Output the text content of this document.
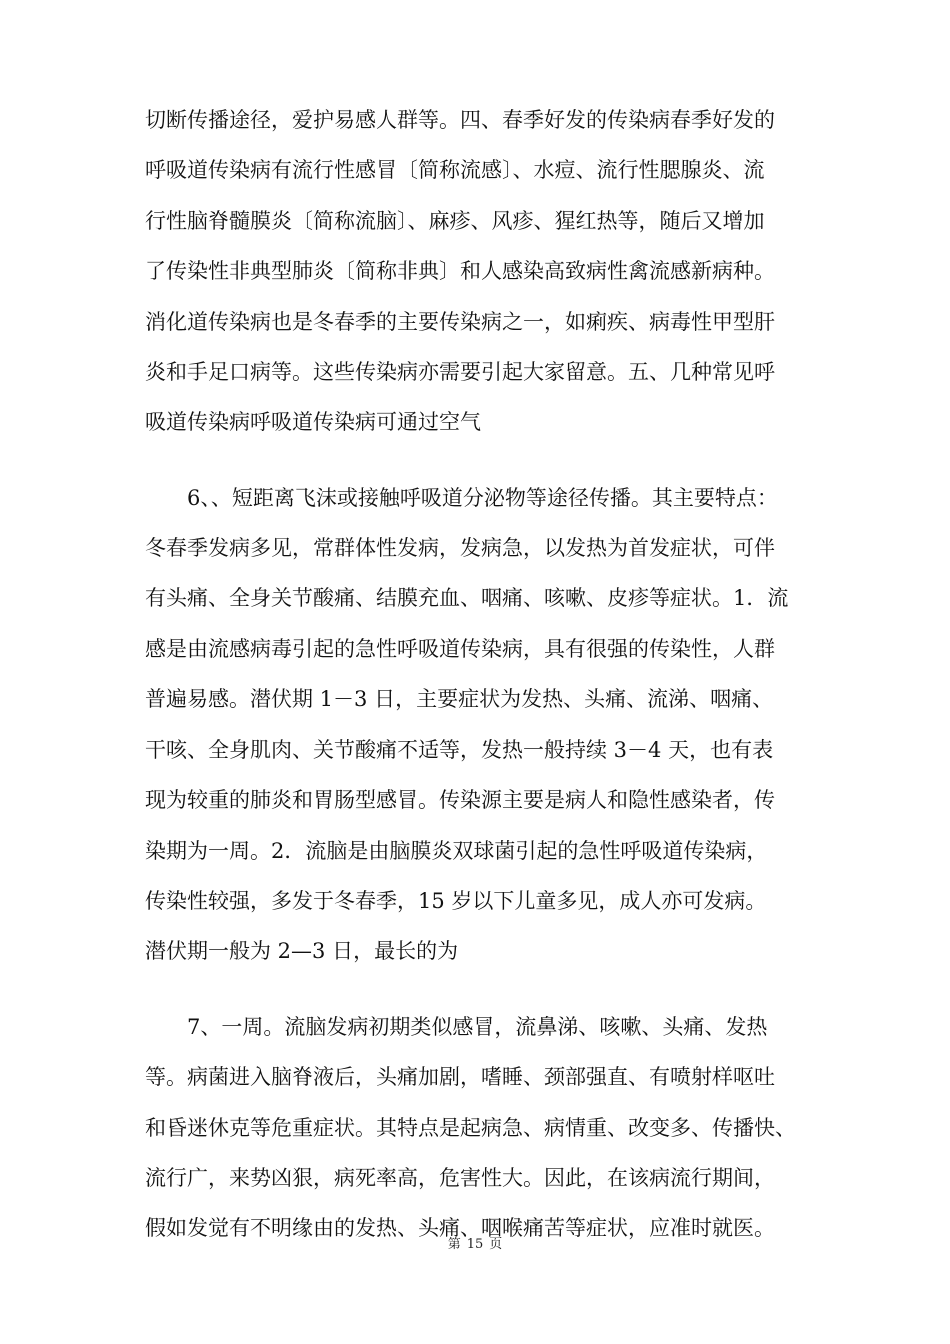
切断传播途径，爱护易感人群等。四、春季好发的传染病春季好发的
呼吸道传染病有流行性感冒〔简称流感〕、水痘、流行性腮腺炎、流
行性脑脊髓膜炎〔简称流脑〕、麻疹、风疹、猩红热等，随后又增加
了传染性非典型肺炎〔简称非典〕和人感染高致病性禽流感新病种。
消化道传染病也是冬春季的主要传染病之一，如痢疾、病毒性甲型肝
炎和手足口病等。这些传染病亦需要引起大家留意。五、几种常见呼
吸道传染病呼吸道传染病可通过空气
6、、短距离飞沫或接触呼吸道分泌物等途径传播。其主要特点：
冬春季发病多见，常群体性发病，发病急，以发热为首发症状，可伴
有头痛、全身关节酸痛、结膜充血、咽痛、咳嗽、皮疹等症状。1．流
感是由流感病毒引起的急性呼吸道传染病，具有很强的传染性，人群
普遍易感。潜伏期 1－3 日，主要症状为发热、头痛、流涕、咽痛、
干咳、全身肌肉、关节酸痛不适等，发热一般持续 3－4 天，也有表
现为较重的肺炎和胃肠型感冒。传染源主要是病人和隐性感染者，传
染期为一周。2．流脑是由脑膜炎双球菌引起的急性呼吸道传染病，
传染性较强，多发于冬春季，15 岁以下儿童多见，成人亦可发病。
潜伏期一般为 2—3 日，最长的为
7、一周。流脑发病初期类似感冒，流鼻涕、咳嗽、头痛、发热
等。病菌进入脑脊液后，头痛加剧，嗜睡、颈部强直、有喷射样呕吐
和昏迷休克等危重症状。其特点是起病急、病情重、改变多、传播快、
流行广，来势凶狠，病死率高，危害性大。因此，在该病流行期间，
假如发觉有不明缘由的发热、头痛、咽喉痛苦等症状，应准时就医。
第 15 页
